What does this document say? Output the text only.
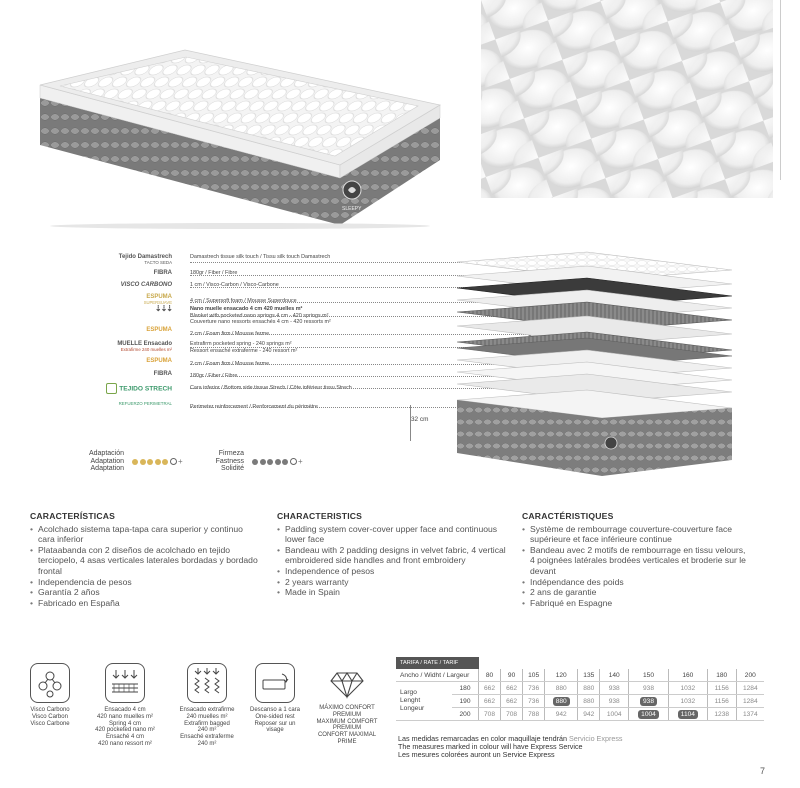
SLEEPY
Tejido Damastrech
TACTO SEDA
Damastrech tissue silk touch / Tissu silk touch Damastrech
FIBRA	180gr / Fiber / Fibre
VISCO CARBONO	1 cm / Visco-Carbon / Visco-Carbone
ESPUMA
SUPERSUAVE	4 cm / Supersoft foam / Mousse Superdouce
⇣⇣⇣	Nano muelle ensacado 4 cm 420 muelles m²
Blanket with pocketed nano springs 4 cm - 420 springs m²
Couverture nano ressorts ensachés 4 cm - 420 ressorts m²
ESPUMA
2 cm / Foam firm / Mousse ferme
MUELLE Ensacado
Extrafirme 240 muelles m²
Extrafirm pocketed spring - 240 springs m²
Ressort ensaché extraferme - 240 ressort m²
ESPUMA	2 cm / Foam firm / Mousse ferme
FIBRA	180gr / Fiber / Fibre
TEJIDO STRECH	Cara inferior / Bottom side tissue Strech / Côte inférieur tissu Strech
REFUERZO PERIMETRAL
Perimeter reinforcement / Renforcement du périmètre
32 cm
Adaptación
Adaptation
Adaptation
+
Firmeza
Fastness
Solidité
+
CARACTERÍSTICAS
• Acolchado sistema tapa-tapa cara superior y continuo cara inferior
• Plataabanda con 2 diseños de acolchado en tejido terciopelo, 4 asas verticales laterales bordadas y bordado frontal
• Independencia de pesos
• Garantía 2 años
• Fabricado en España
CHARACTERISTICS
• Padding system cover-cover upper face and continuous lower face
• Bandeau with 2 padding designs in velvet fabric, 4 vertical embroidered side handles and front embroidery
• Independence of pesos
• 2 years warranty
• Made in Spain
CARACTÉRISTIQUES
• Système de rembourrage couverture-couverture face supérieure et face inférieure continue
• Bandeau avec 2 motifs de rembourrage en tissu velours, 4 poignées latérales brodées verticales et broderie sur le devant
• Indépendance des poids
• 2 ans de garantie
• Fabriqué en Espagne
Visco Carbono
Visco Carbon
Visco Carbone
Ensacado 4 cm
420 nano muelles m²
Spring 4 cm
420 pocketed nano m²
Ensaché 4 cm
420 nano ressort m²
Ensacado extrafirme
240 muelles m²
Extrafirm bagged
240 m²
Ensaché extraferme
240 m²
Descanso a 1 cara
One-sided rest
Reposer sur un
visage
MÁXIMO CONFORT
PREMIUM
MAXIMUM COMFORT
PREMIUM
CONFORT MAXIMAL
PRIME
TARIFA / RATE / TARIF											
Ancho / Widht / Largeur		80	90	105	120	135	140	150	160	180	200

Largo
Lenght
Longeur	180	662	662	736	880	880	938	938	1032	1156	1284
	190	662	662	736	880	880	938	938	1032	1156	1284
	200	708	708	788	942	942	1004	1004	1104	1238	1374
Las medidas remarcadas en color maquillaje tendrán Servicio Express
The measures marked in colour will have Express Service
Les mesures colorées auront un Service Express
7
